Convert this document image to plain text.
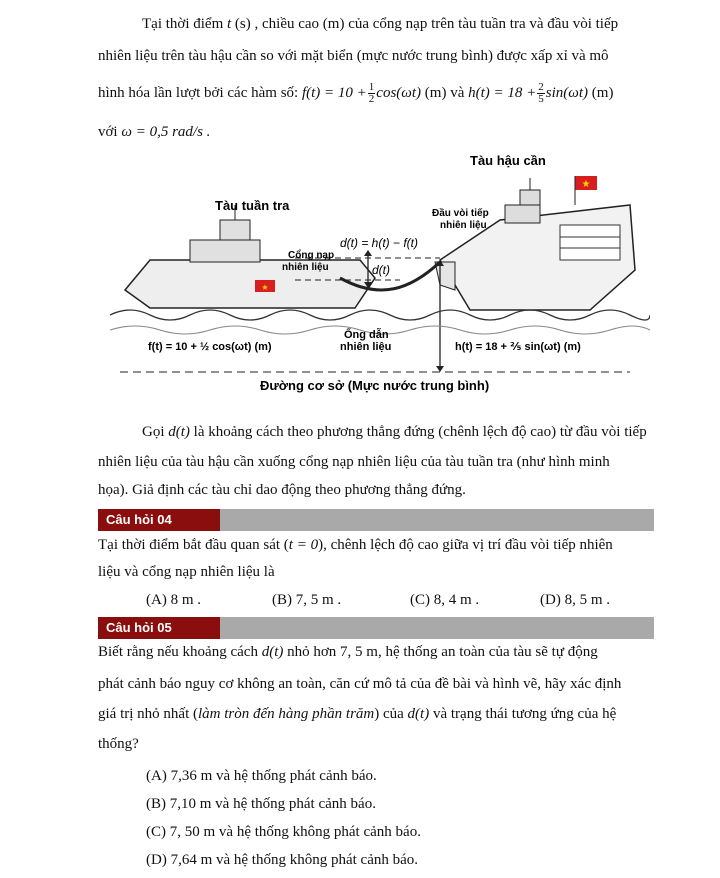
Tại thời điểm t (s) , chiều cao (m) của cổng nạp trên tàu tuần tra và đầu vòi tiếp
nhiên liệu trên tàu hậu cần so với mặt biển (mực nước trung bình) được xấp xỉ và mô
hình hóa lần lượt bởi các hàm số: $f(t) = 10 + \frac{1}{2} \cos(\omega t)$ (m) và $h(t) = 18 + \frac{2}{5} \sin(\omega t)$ (m)
với ω = 0,5 rad/s .
★
★
Tàu hậu cần
Tàu tuần tra
Đầu vòi tiếp
nhiên liệu
Cổng nạp
nhiên liệu
d(t) = h(t) − f(t)
d(t)
Ống dẫn
nhiên liệu
f(t) = 10 + ½ cos(ωt) (m)	h(t) = 18 + ⅖ sin(ωt) (m)
Đường cơ sở (Mực nước trung bình)
Gọi d(t) là khoảng cách theo phương thẳng đứng (chênh lệch độ cao) từ đầu vòi tiếp
nhiên liệu của tàu hậu cần xuống cổng nạp nhiên liệu của tàu tuần tra (như hình minh
họa). Giả định các tàu chỉ dao động theo phương thẳng đứng.
Câu hỏi 04
Tại thời điểm bắt đầu quan sát (t = 0), chênh lệch độ cao giữa vị trí đầu vòi tiếp nhiên
liệu và cổng nạp nhiên liệu là
(A) 8 m .	(B) 7, 5 m .	(C) 8, 4 m .	(D) 8, 5 m .
Câu hỏi 05
Biết rằng nếu khoảng cách d(t) nhỏ hơn 7, 5 m, hệ thống an toàn của tàu sẽ tự động
phát cảnh báo nguy cơ không an toàn, căn cứ mô tả của đề bài và hình vẽ, hãy xác định
giá trị nhỏ nhất (làm tròn đến hàng phần trăm) của d(t) và trạng thái tương ứng của hệ
thống?
(A) 7,36 m và hệ thống phát cảnh báo.
(B) 7,10 m và hệ thống phát cảnh báo.
(C) 7, 50 m và hệ thống không phát cảnh báo.
(D) 7,64 m và hệ thống không phát cảnh báo.
